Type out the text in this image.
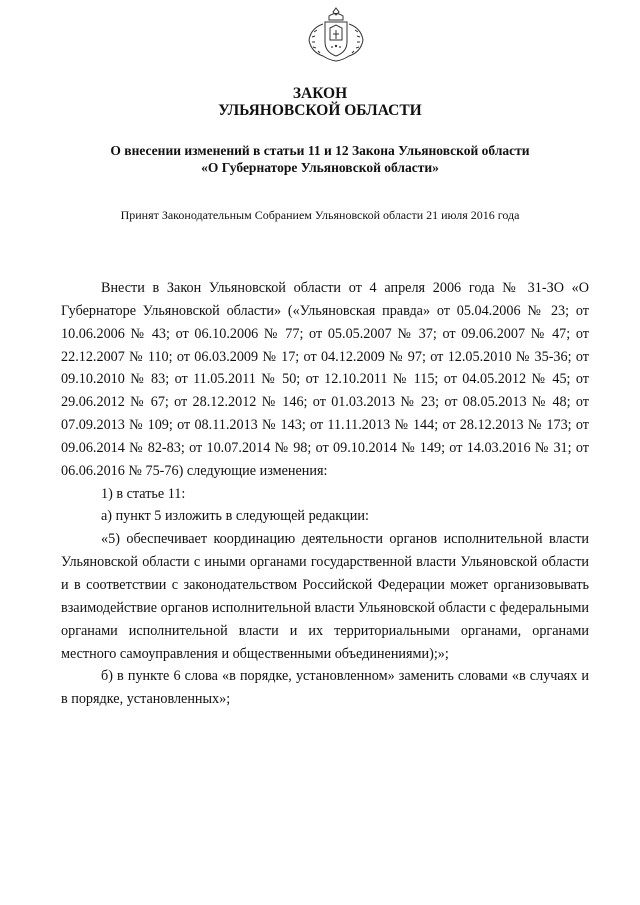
ЗАКОН
УЛЬЯНОВСКОЙ ОБЛАСТИ
О внесении изменений в статьи 11 и 12 Закона Ульяновской области
«О Губернаторе Ульяновской области»
Принят Законодательным Собранием Ульяновской области 21 июля 2016 года

Внести в Закон Ульяновской области от 4 апреля 2006 года № 31-ЗО «О Губернаторе Ульяновской области» («Ульяновская правда» от 05.04.2006 № 23; от 10.06.2006 № 43; от 06.10.2006 № 77; от 05.05.2007 № 37; от 09.06.2007 № 47; от 22.12.2007 № 110; от 06.03.2009 № 17; от 04.12.2009 № 97; от 12.05.2010 № 35-36; от 09.10.2010 № 83; от 11.05.2011 № 50; от 12.10.2011 № 115; от 04.05.2012 № 45; от 29.06.2012 № 67; от 28.12.2012 № 146; от 01.03.2013 № 23; от 08.05.2013 № 48; от 07.09.2013 № 109; от 08.11.2013 № 143; от 11.11.2013 № 144; от 28.12.2013 № 173; от 09.06.2014 № 82-83; от 10.07.2014 № 98; от 09.10.2014 № 149; от 14.03.2016 № 31; от 06.06.2016 № 75-76) следующие изменения:

1) в статье 11:

а) пункт 5 изложить в следующей редакции:

«5) обеспечивает координацию деятельности органов исполнительной власти Ульяновской области с иными органами государственной власти Ульяновской области и в соответствии с законодательством Российской Федерации может организовывать взаимодействие органов исполнительной власти Ульяновской области с федеральными органами исполнительной власти и их территориальными органами, органами местного самоуправления и общественными объединениями);»;

б) в пункте 6 слова «в порядке, установленном» заменить словами «в случаях и в порядке, установленных»;
